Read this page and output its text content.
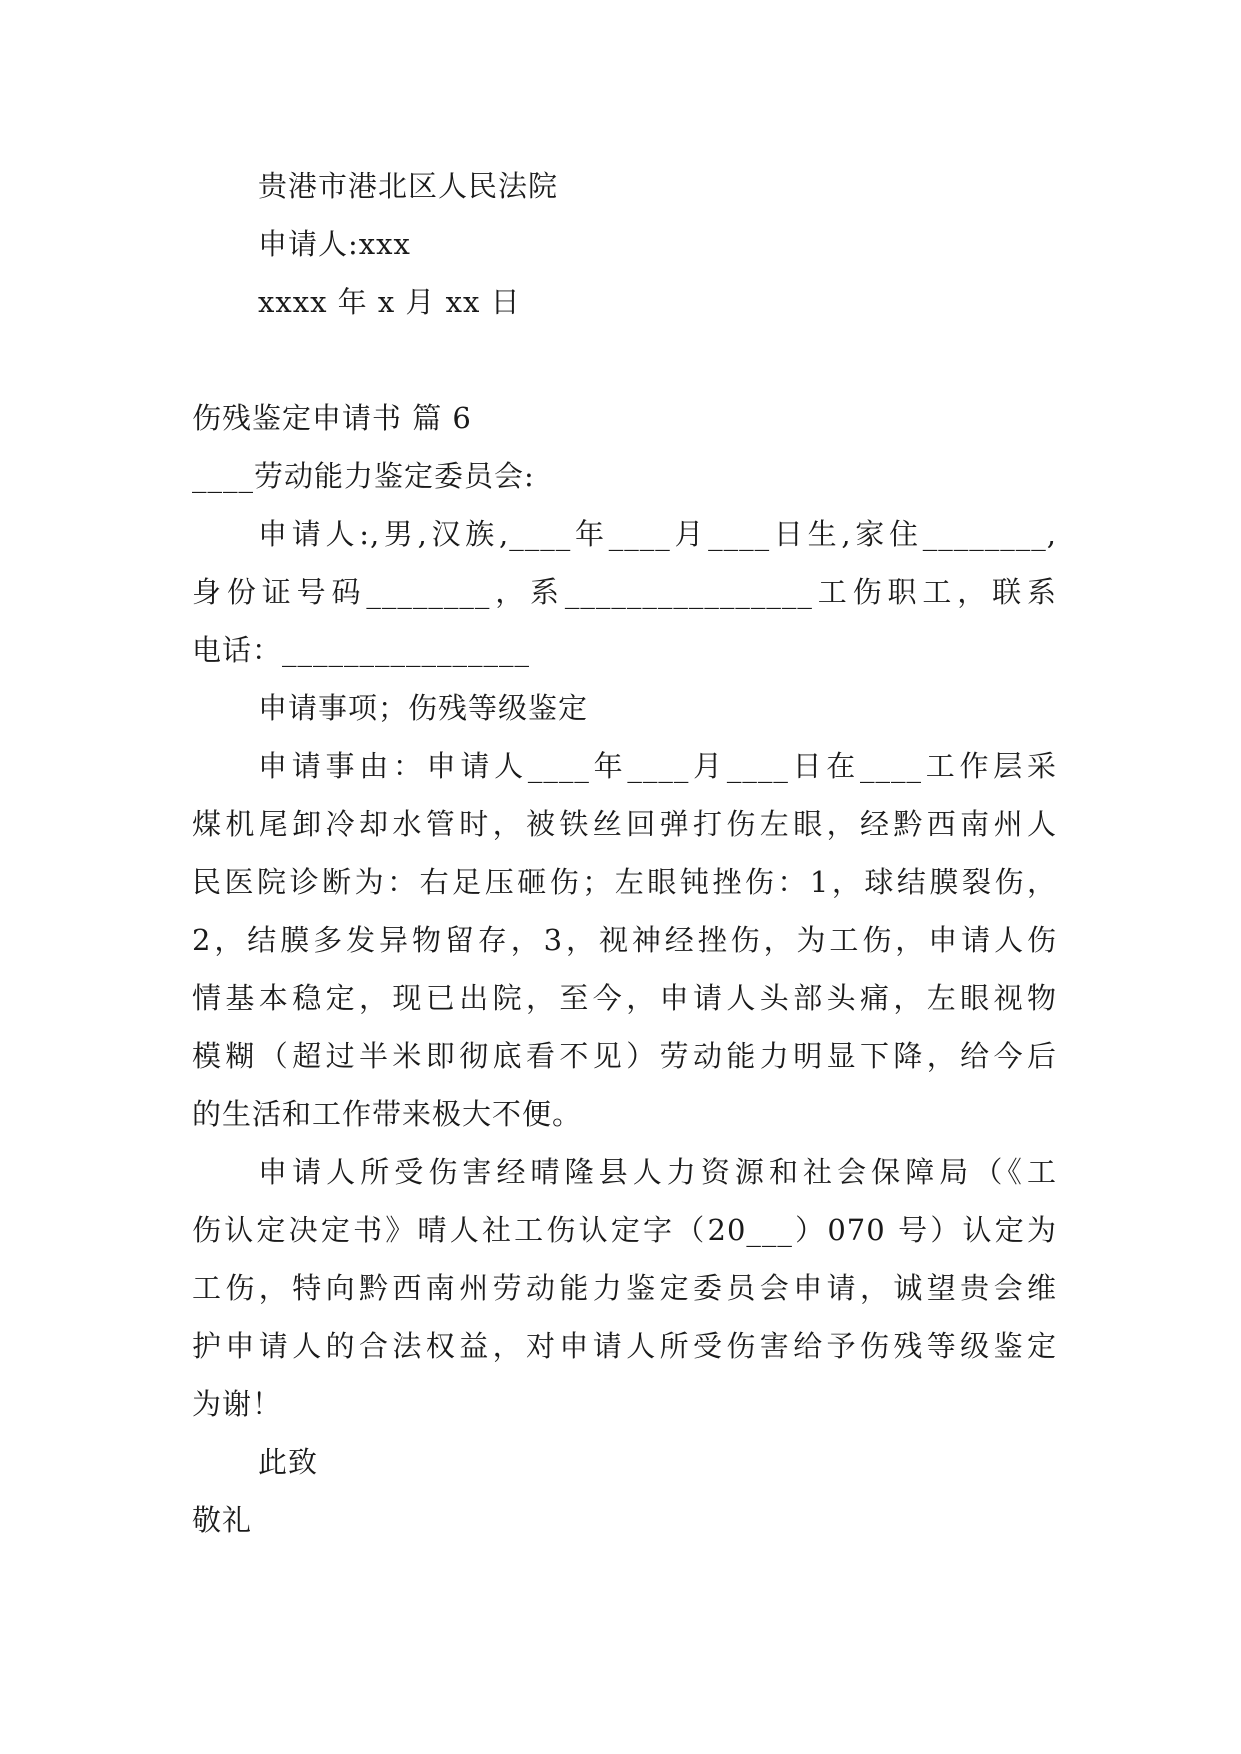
贵港市港北区人民法院
申请人:xxx
xxxx 年 x 月 xx 日
伤残鉴定申请书 篇 6
____劳动能力鉴定委员会:
申请人:,男,汉族,____年____月____日生,家住________,
身份证号码________，系________________工伤职工，联系
电话：________________
申请事项；伤残等级鉴定
申请事由：申请人____年____月____日在____工作层采
煤机尾卸冷却水管时，被铁丝回弹打伤左眼，经黔西南州人
民医院诊断为：右足压砸伤；左眼钝挫伤：1，球结膜裂伤，
2，结膜多发异物留存，3，视神经挫伤，为工伤，申请人伤
情基本稳定，现已出院，至今，申请人头部头痛，左眼视物
模糊（超过半米即彻底看不见）劳动能力明显下降，给今后
的生活和工作带来极大不便。
申请人所受伤害经晴隆县人力资源和社会保障局（《工
伤认定决定书》晴人社工伤认定字（20___）070 号）认定为
工伤，特向黔西南州劳动能力鉴定委员会申请，诚望贵会维
护申请人的合法权益，对申请人所受伤害给予伤残等级鉴定
为谢！
此致
敬礼
